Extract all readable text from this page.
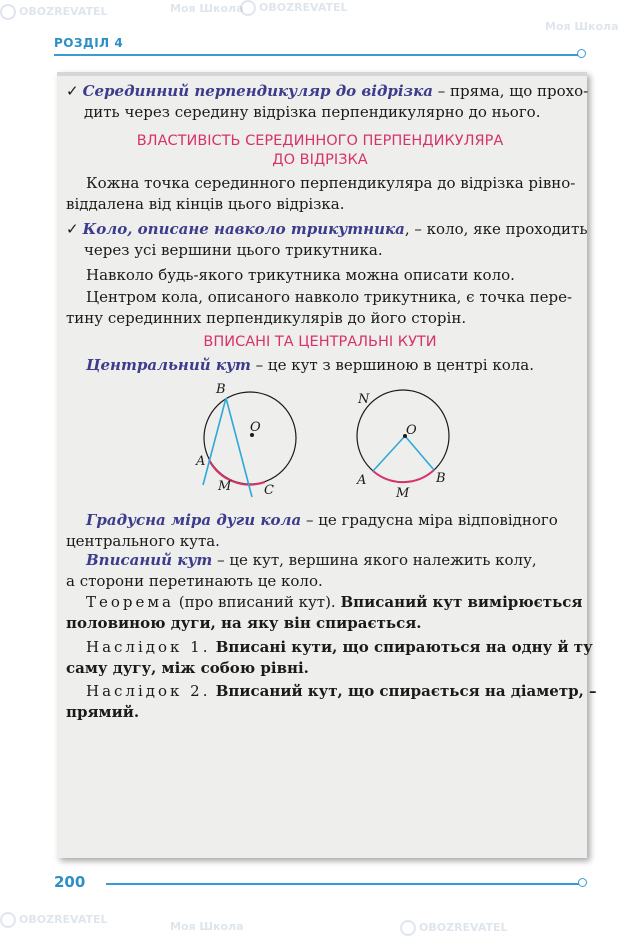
OBOZREVATEL	Моя Школа	OBOZREVATEL
Моя Школа
Моя Школа	OBOZREVATEL
OBOZREVATEL
РОЗДІЛ 4
✓ Серединний перпендикуляр до відрізка – пряма, що прохо-
дить через середину відрізка перпендикулярно до нього.
ВЛАСТИВІСТЬ СЕРЕДИННОГО ПЕРПЕНДИКУЛЯРА
ДО ВІДРІЗКА
Кожна точка серединного перпендикуляра до відрізка рівно-
віддалена від кінців цього відрізка.
✓ Коло, описане навколо трикутника, – коло, яке проходить
через усі вершини цього трикутника.
Навколо будь-якого трикутника можна описати коло.
Центром кола, описаного навколо трикутника, є точка пере-
тину серединних перпендикулярів до його сторін.
ВПИСАНІ ТА ЦЕНТРАЛЬНІ КУТИ
Центральний кут – це кут з вершиною в центрі кола.
B
O
A
M	C
N
O
A
M
B
Градусна міра дуги кола – це градусна міра відповідного
центрального кута.
Вписаний кут – це кут, вершина якого належить колу,
а сторони перетинають це коло.
Теорема (про вписаний кут). Вписаний кут вимірюється
половиною дуги, на яку він спирається.
Наслідок 1. Вписані кути, що спираються на одну й ту
саму дугу, між собою рівні.
Наслідок 2. Вписаний кут, що спирається на діаметр, –
прямий.
200
